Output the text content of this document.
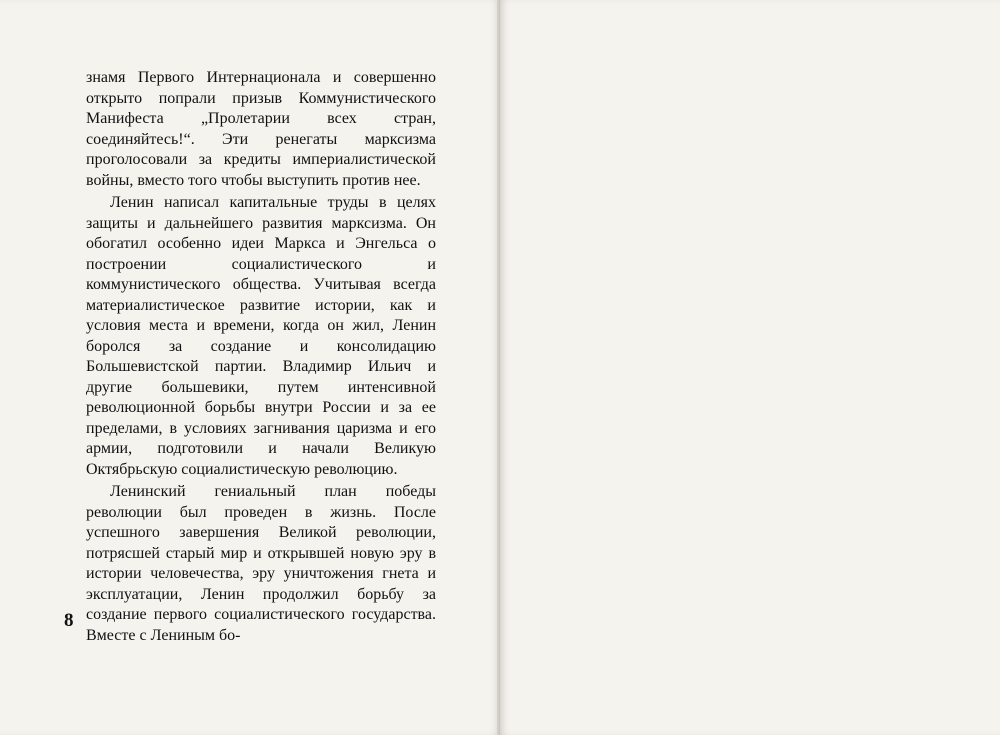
знамя Первого Интернационала и совершенно открыто попрали призыв Коммунистического Манифеста „Пролетарии всех стран, соединяйтесь!“. Эти ренегаты марксизма проголосовали за кредиты империалистической войны, вместо того чтобы выступить против нее.

Ленин написал капитальные труды в целях защиты и дальнейшего развития марксизма. Он обогатил особенно идеи Маркса и Энгельса о построении социалистического и коммунистического общества. Учитывая всегда материалистическое развитие истории, как и условия места и времени, когда он жил, Ленин боролся за создание и консолидацию Большевистской партии. Владимир Ильич и другие большевики, путем интенсивной революционной борьбы внутри России и за ее пределами, в условиях загнивания царизма и его армии, подготовили и начали Великую Октябрьскую социалистическую революцию.

Ленинский гениальный план победы революции был проведен в жизнь. После успешного завершения Великой революции, потрясшей старый мир и открывшей новую эру в истории человечества, эру уничтожения гнета и эксплуатации, Ленин продолжил борьбу за создание первого социалистического государства. Вместе с Лениным бо-

8
